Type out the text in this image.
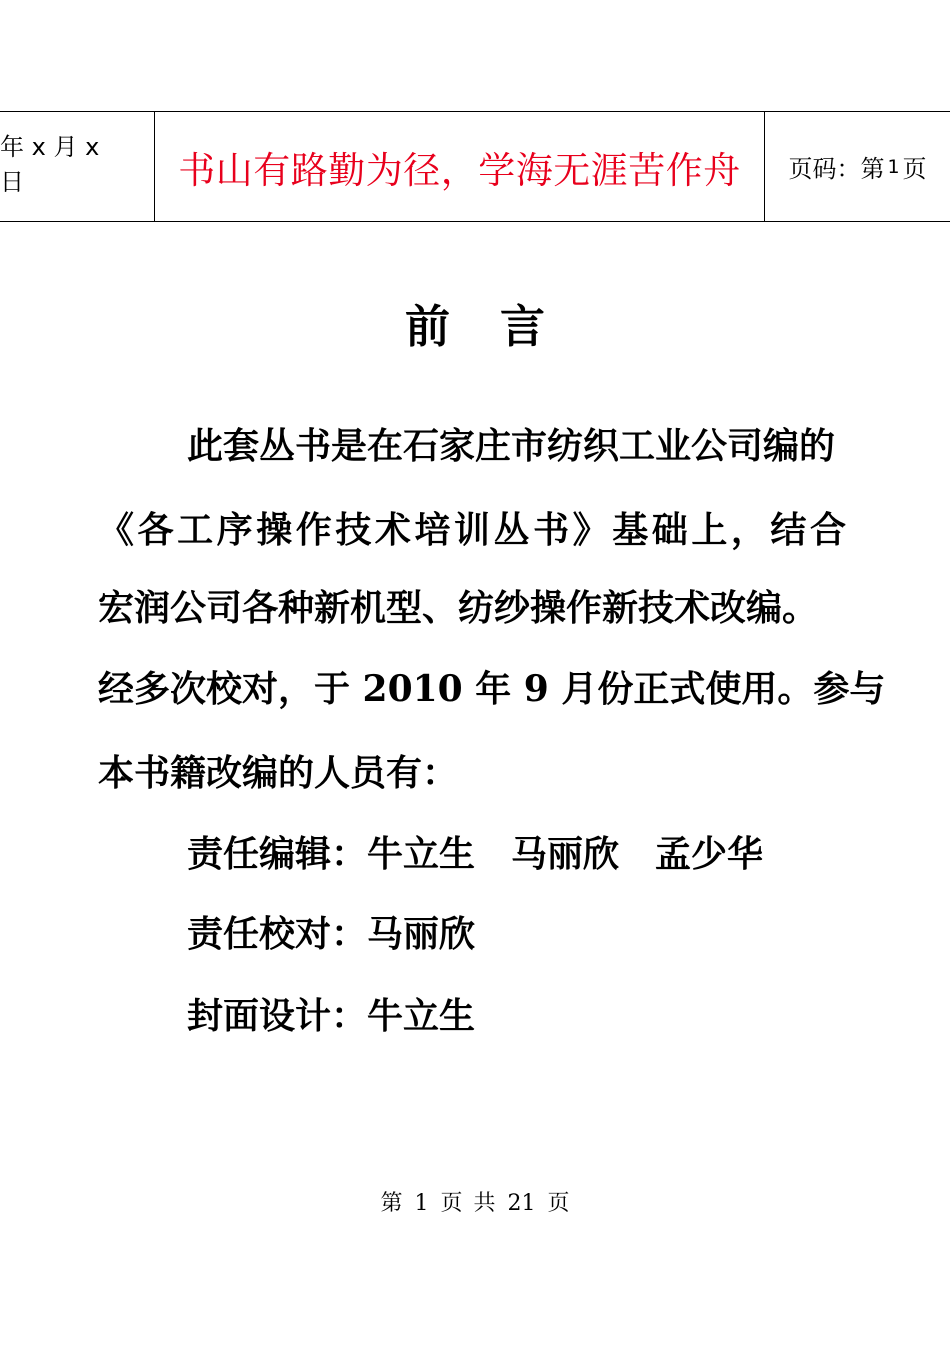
年 x 月 x 日	书山有路勤为径，学海无涯苦作舟	页码：第 1 页
前言
此套丛书是在石家庄市纺织工业公司编的
《各工序操作技术培训丛书》基础上，结合
宏润公司各种新机型、纺纱操作新技术改编。
经多次校对，于 2010 年 9 月份正式使用。参与
本书籍改编的人员有：
责任编辑：牛立生 马丽欣 孟少华
责任校对：马丽欣
封面设计：牛立生
第 1 页 共 21 页
